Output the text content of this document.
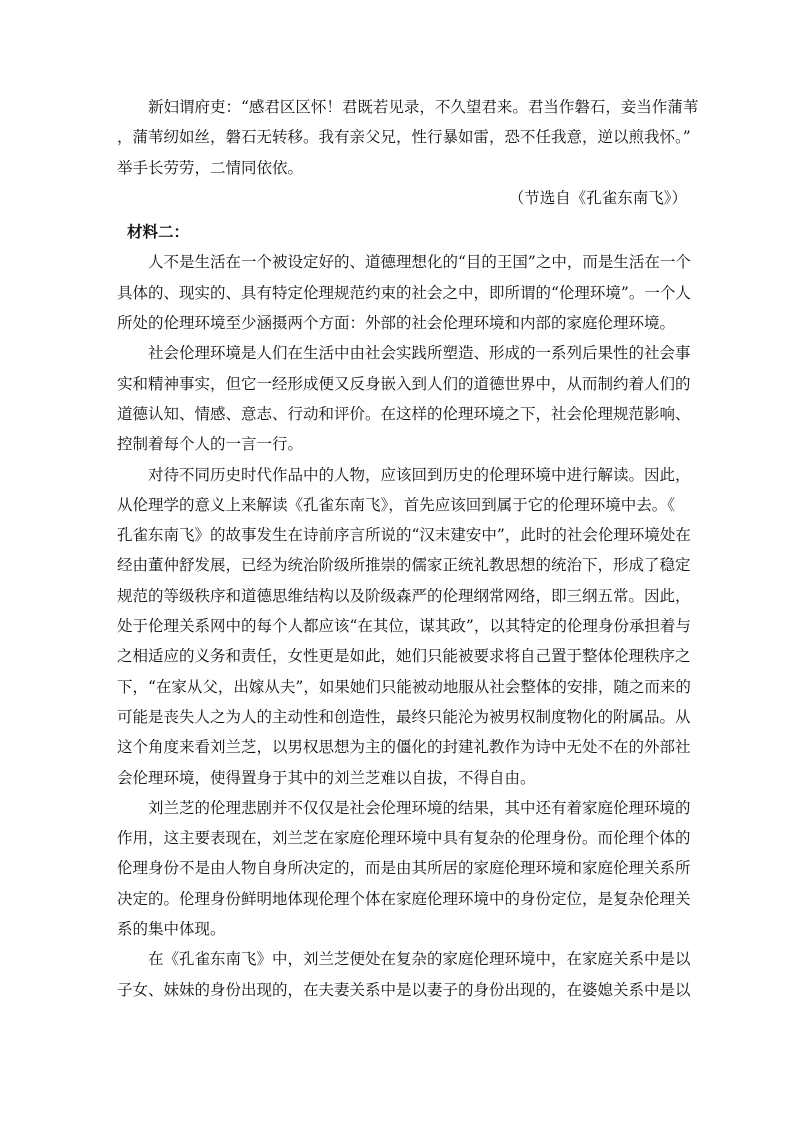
新妇谓府吏：“感君区区怀！君既若见录，不久望君来。君当作磐石，妾当作蒲苇
，蒲苇纫如丝，磐石无转移。我有亲父兄，性行暴如雷，恐不任我意，逆以煎我怀。”
举手长劳劳，二情同依依。
（节选自《孔雀东南飞》）
材料二：
人不是生活在一个被设定好的、道德理想化的“目的王国”之中，而是生活在一个
具体的、现实的、具有特定伦理规范约束的社会之中，即所谓的“伦理环境”。一个人
所处的伦理环境至少涵摄两个方面：外部的社会伦理环境和内部的家庭伦理环境。
社会伦理环境是人们在生活中由社会实践所塑造、形成的一系列后果性的社会事
实和精神事实，但它一经形成便又反身嵌入到人们的道德世界中，从而制约着人们的
道德认知、情感、意志、行动和评价。在这样的伦理环境之下，社会伦理规范影响、
控制着每个人的一言一行。
对待不同历史时代作品中的人物，应该回到历史的伦理环境中进行解读。因此，
从伦理学的意义上来解读《孔雀东南飞》，首先应该回到属于它的伦理环境中去。《
孔雀东南飞》的故事发生在诗前序言所说的“汉末建安中”，此时的社会伦理环境处在
经由董仲舒发展，已经为统治阶级所推崇的儒家正统礼教思想的统治下，形成了稳定
规范的等级秩序和道德思维结构以及阶级森严的伦理纲常网络，即三纲五常。因此，
处于伦理关系网中的每个人都应该“在其位，谋其政”，以其特定的伦理身份承担着与
之相适应的义务和责任，女性更是如此，她们只能被要求将自己置于整体伦理秩序之
下，“在家从父，出嫁从夫”，如果她们只能被动地服从社会整体的安排，随之而来的
可能是丧失人之为人的主动性和创造性，最终只能沦为被男权制度物化的附属品。从
这个角度来看刘兰芝，以男权思想为主的僵化的封建礼教作为诗中无处不在的外部社
会伦理环境，使得置身于其中的刘兰芝难以自拔，不得自由。
刘兰芝的伦理悲剧并不仅仅是社会伦理环境的结果，其中还有着家庭伦理环境的
作用，这主要表现在，刘兰芝在家庭伦理环境中具有复杂的伦理身份。而伦理个体的
伦理身份不是由人物自身所决定的，而是由其所居的家庭伦理环境和家庭伦理关系所
决定的。伦理身份鲜明地体现伦理个体在家庭伦理环境中的身份定位，是复杂伦理关
系的集中体现。
在《孔雀东南飞》中，刘兰芝便处在复杂的家庭伦理环境中，在家庭关系中是以
子女、妹妹的身份出现的，在夫妻关系中是以妻子的身份出现的，在婆媳关系中是以
